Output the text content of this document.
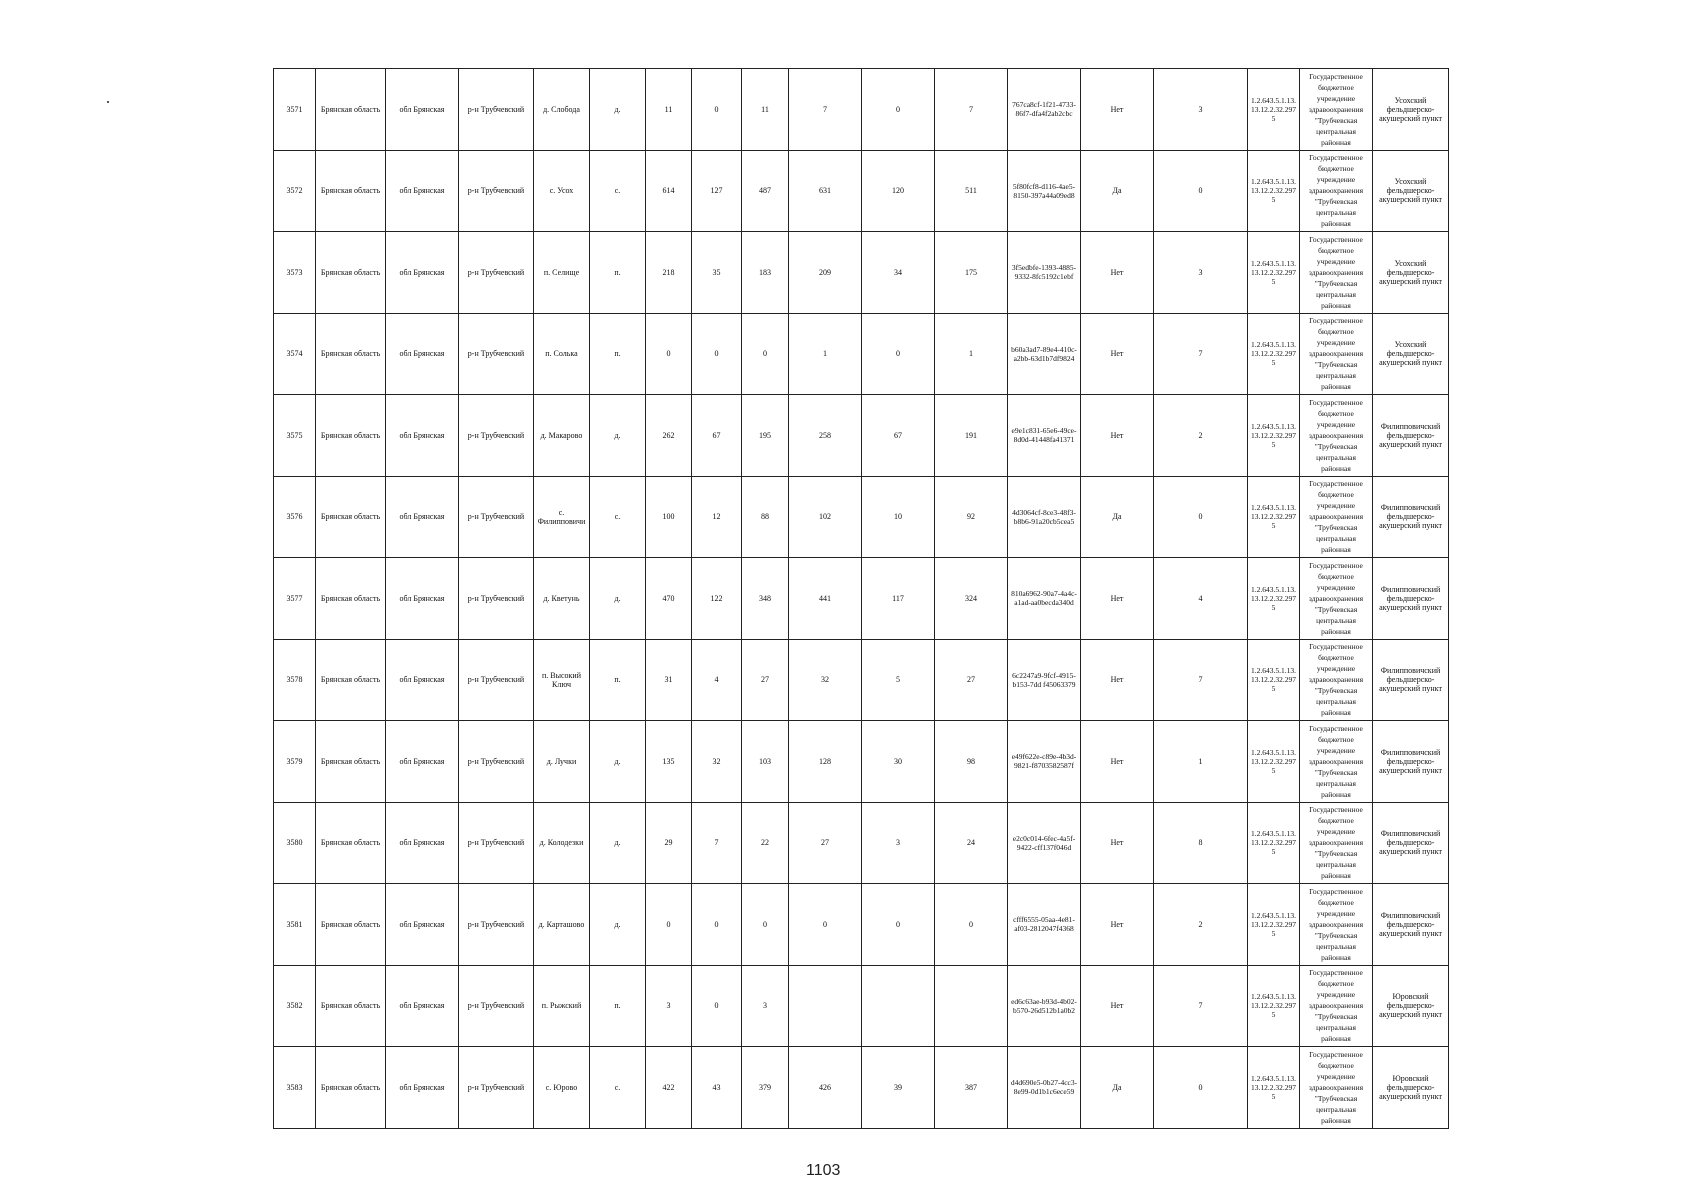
3571	Брянская область	обл Брянская	р-н Трубчевский	д. Слобода	д.	11	0	11	7	0	7	767ca8cf-1f21-4733-86f7-dfa4f2ab2cbc	Нет	3	1.2.643.5.1.13.13.12.2.32.2975	Государственное бюджетное учреждение здравоохранения "Трубчевская центральная районная	Усохский фельдшерско-акушерский пункт
3572	Брянская область	обл Брянская	р-н Трубчевский	с. Усох	с.	614	127	487	631	120	511	5f80fcf8-d116-4ae5-8150-397a44a09ed8	Да	0	1.2.643.5.1.13.13.12.2.32.2975	Государственное бюджетное учреждение здравоохранения "Трубчевская центральная районная	Усохский фельдшерско-акушерский пункт
3573	Брянская область	обл Брянская	р-н Трубчевский	п. Селище	п.	218	35	183	209	34	175	3f5edbfe-1393-4885-9332-8fc5192c1ebf	Нет	3	1.2.643.5.1.13.13.12.2.32.2975	Государственное бюджетное учреждение здравоохранения "Трубчевская центральная районная	Усохский фельдшерско-акушерский пункт
3574	Брянская область	обл Брянская	р-н Трубчевский	п. Солька	п.	0	0	0	1	0	1	b60a3ad7-89e4-410c-a2bb-63d1b7df9824	Нет	7	1.2.643.5.1.13.13.12.2.32.2975	Государственное бюджетное учреждение здравоохранения "Трубчевская центральная районная	Усохский фельдшерско-акушерский пункт
3575	Брянская область	обл Брянская	р-н Трубчевский	д. Макарово	д.	262	67	195	258	67	191	e9e1c831-65e6-49ce-8d0d-41448fa41371	Нет	2	1.2.643.5.1.13.13.12.2.32.2975	Государственное бюджетное учреждение здравоохранения "Трубчевская центральная районная	Филипповичский фельдшерско-акушерский пункт
3576	Брянская область	обл Брянская	р-н Трубчевский	с. Филипповичи	с.	100	12	88	102	10	92	4d3064cf-8ce3-48f3-b8b6-91a20cb5cea5	Да	0	1.2.643.5.1.13.13.12.2.32.2975	Государственное бюджетное учреждение здравоохранения "Трубчевская центральная районная	Филипповичский фельдшерско-акушерский пункт
3577	Брянская область	обл Брянская	р-н Трубчевский	д. Кветунь	д.	470	122	348	441	117	324	810a6962-90a7-4a4c-a1ad-aa0becda340d	Нет	4	1.2.643.5.1.13.13.12.2.32.2975	Государственное бюджетное учреждение здравоохранения "Трубчевская центральная районная	Филипповичский фельдшерско-акушерский пункт
3578	Брянская область	обл Брянская	р-н Трубчевский	п. Высокий Ключ	п.	31	4	27	32	5	27	6c2247a9-9fcf-4915-b153-7dd f45063379	Нет	7	1.2.643.5.1.13.13.12.2.32.2975	Государственное бюджетное учреждение здравоохранения "Трубчевская центральная районная	Филипповичский фельдшерско-акушерский пункт
3579	Брянская область	обл Брянская	р-н Трубчевский	д. Лучки	д.	135	32	103	128	30	98	e49f622e-c89e-4b3d-9821-f8703582587f	Нет	1	1.2.643.5.1.13.13.12.2.32.2975	Государственное бюджетное учреждение здравоохранения "Трубчевская центральная районная	Филипповичский фельдшерско-акушерский пункт
3580	Брянская область	обл Брянская	р-н Трубчевский	д. Колодезки	д.	29	7	22	27	3	24	e2c0c014-6fec-4a5f-9422-cff137f046d	Нет	8	1.2.643.5.1.13.13.12.2.32.2975	Государственное бюджетное учреждение здравоохранения "Трубчевская центральная районная	Филипповичский фельдшерско-акушерский пункт
3581	Брянская область	обл Брянская	р-н Трубчевский	д. Карташово	д.	0	0	0	0	0	0	cfff6555-05aa-4e81-af03-2812047f4368	Нет	2	1.2.643.5.1.13.13.12.2.32.2975	Государственное бюджетное учреждение здравоохранения "Трубчевская центральная районная	Филипповичский фельдшерско-акушерский пункт
3582	Брянская область	обл Брянская	р-н Трубчевский	п. Рыжский	п.	3	0	3				ed6c63ae-b93d-4b02-b570-26d512b1a0b2	Нет	7	1.2.643.5.1.13.13.12.2.32.2975	Государственное бюджетное учреждение здравоохранения "Трубчевская центральная районная	Юровский фельдшерско-акушерский пункт
3583	Брянская область	обл Брянская	р-н Трубчевский	с. Юрово	с.	422	43	379	426	39	387	d4d690e5-0b27-4cc3-8e99-0d1b1c6ece59	Да	0	1.2.643.5.1.13.13.12.2.32.2975	Государственное бюджетное учреждение здравоохранения "Трубчевская центральная районная	Юровский фельдшерско-акушерский пункт
1103
